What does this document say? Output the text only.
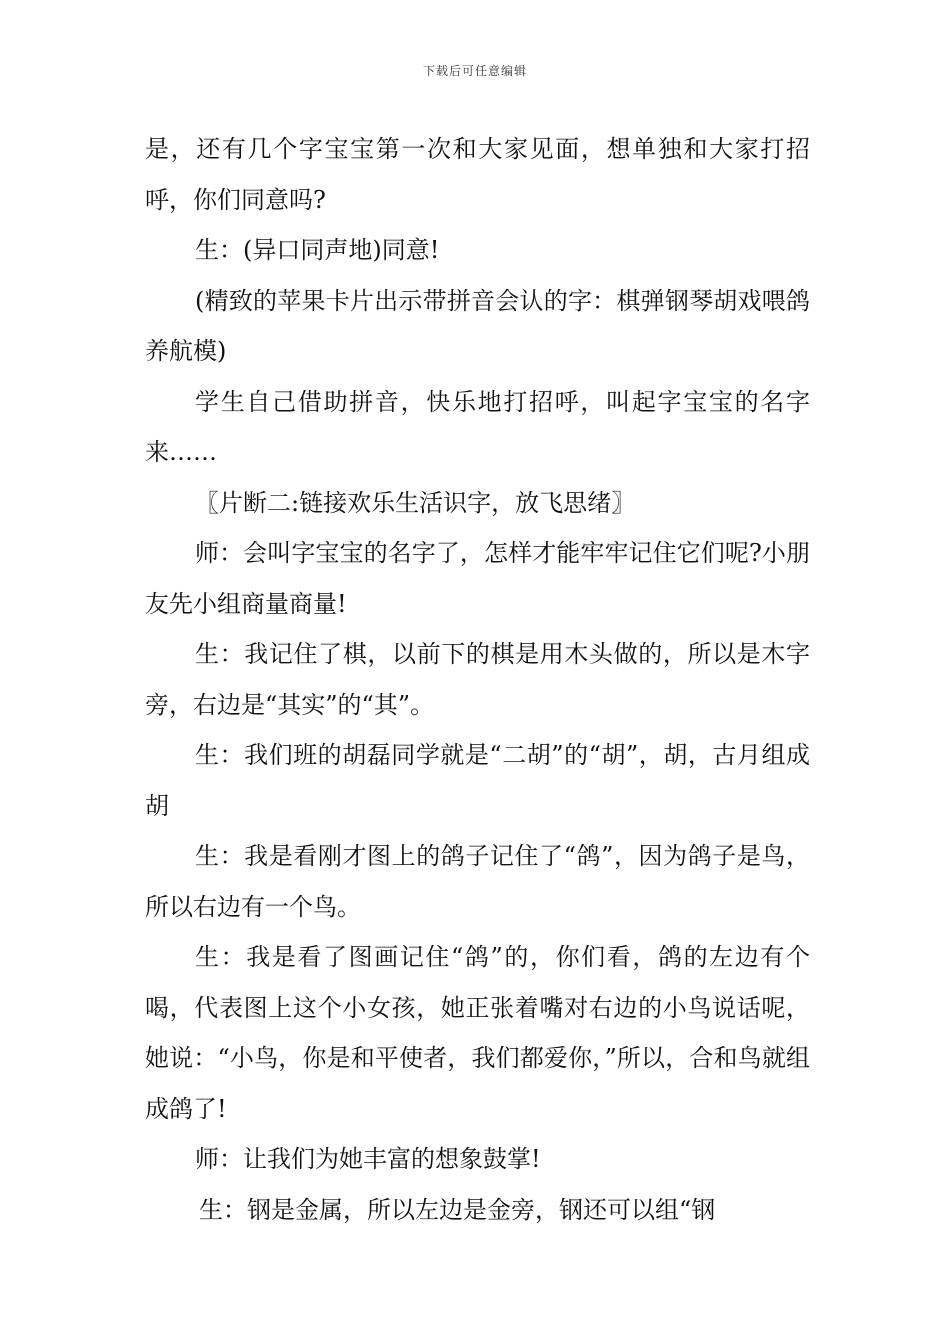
下载后可任意编辑

是，还有几个字宝宝第一次和大家见面，想单独和大家打招呼，你们同意吗?

生：(异口同声地)同意!

(精致的苹果卡片出示带拼音会认的字：棋弹钢琴胡戏喂鸽养航模)

学生自己借助拼音，快乐地打招呼，叫起字宝宝的名字来……

〖片断二:链接欢乐生活识字，放飞思绪〗

师：会叫字宝宝的名字了，怎样才能牢牢记住它们呢?小朋友先小组商量商量!

生：我记住了棋，以前下的棋是用木头做的，所以是木字旁，右边是“其实”的“其”。

生：我们班的胡磊同学就是“二胡”的“胡”，胡，古月组成胡

生：我是看刚才图上的鸽子记住了“鸽”，因为鸽子是鸟，所以右边有一个鸟。

生：我是看了图画记住“鸽”的，你们看，鸽的左边有个喝，代表图上这个小女孩，她正张着嘴对右边的小鸟说话呢，她说：“小鸟，你是和平使者，我们都爱你，”所以，合和鸟就组成鸽了!

师：让我们为她丰富的想象鼓掌!

生：钢是金属，所以左边是金旁，钢还可以组“钢
